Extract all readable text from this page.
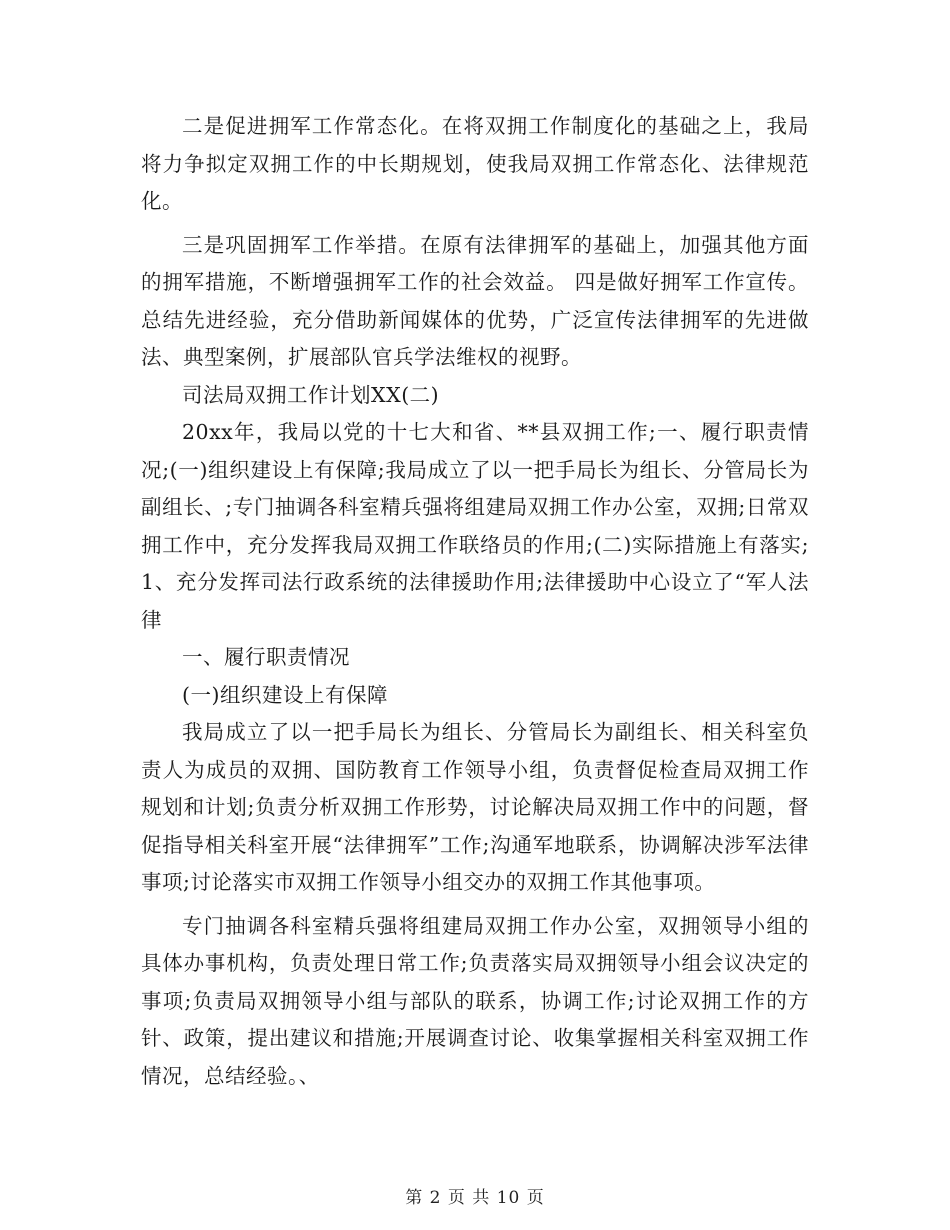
二是促进拥军工作常态化。在将双拥工作制度化的基础之上，我局将力争拟定双拥工作的中长期规划，使我局双拥工作常态化、法律规范化。

三是巩固拥军工作举措。在原有法律拥军的基础上，加强其他方面的拥军措施，不断增强拥军工作的社会效益。 四是做好拥军工作宣传。总结先进经验，充分借助新闻媒体的优势，广泛宣传法律拥军的先进做法、典型案例，扩展部队官兵学法维权的视野。

司法局双拥工作计划XX(二)

20xx年，我局以党的十七大和省、**县双拥工作;一、履行职责情况;(一)组织建设上有保障;我局成立了以一把手局长为组长、分管局长为副组长、;专门抽调各科室精兵强将组建局双拥工作办公室，双拥;日常双拥工作中，充分发挥我局双拥工作联络员的作用;(二)实际措施上有落实;1、充分发挥司法行政系统的法律援助作用;法律援助中心设立了“军人法律

一、履行职责情况

(一)组织建设上有保障

我局成立了以一把手局长为组长、分管局长为副组长、相关科室负责人为成员的双拥、国防教育工作领导小组，负责督促检查局双拥工作规划和计划;负责分析双拥工作形势，讨论解决局双拥工作中的问题，督促指导相关科室开展“法律拥军”工作;沟通军地联系，协调解决涉军法律事项;讨论落实市双拥工作领导小组交办的双拥工作其他事项。

专门抽调各科室精兵强将组建局双拥工作办公室，双拥领导小组的具体办事机构，负责处理日常工作;负责落实局双拥领导小组会议决定的事项;负责局双拥领导小组与部队的联系，协调工作;讨论双拥工作的方针、政策，提出建议和措施;开展调查讨论、收集掌握相关科室双拥工作情况，总结经验。、

第 2 页 共 10 页
